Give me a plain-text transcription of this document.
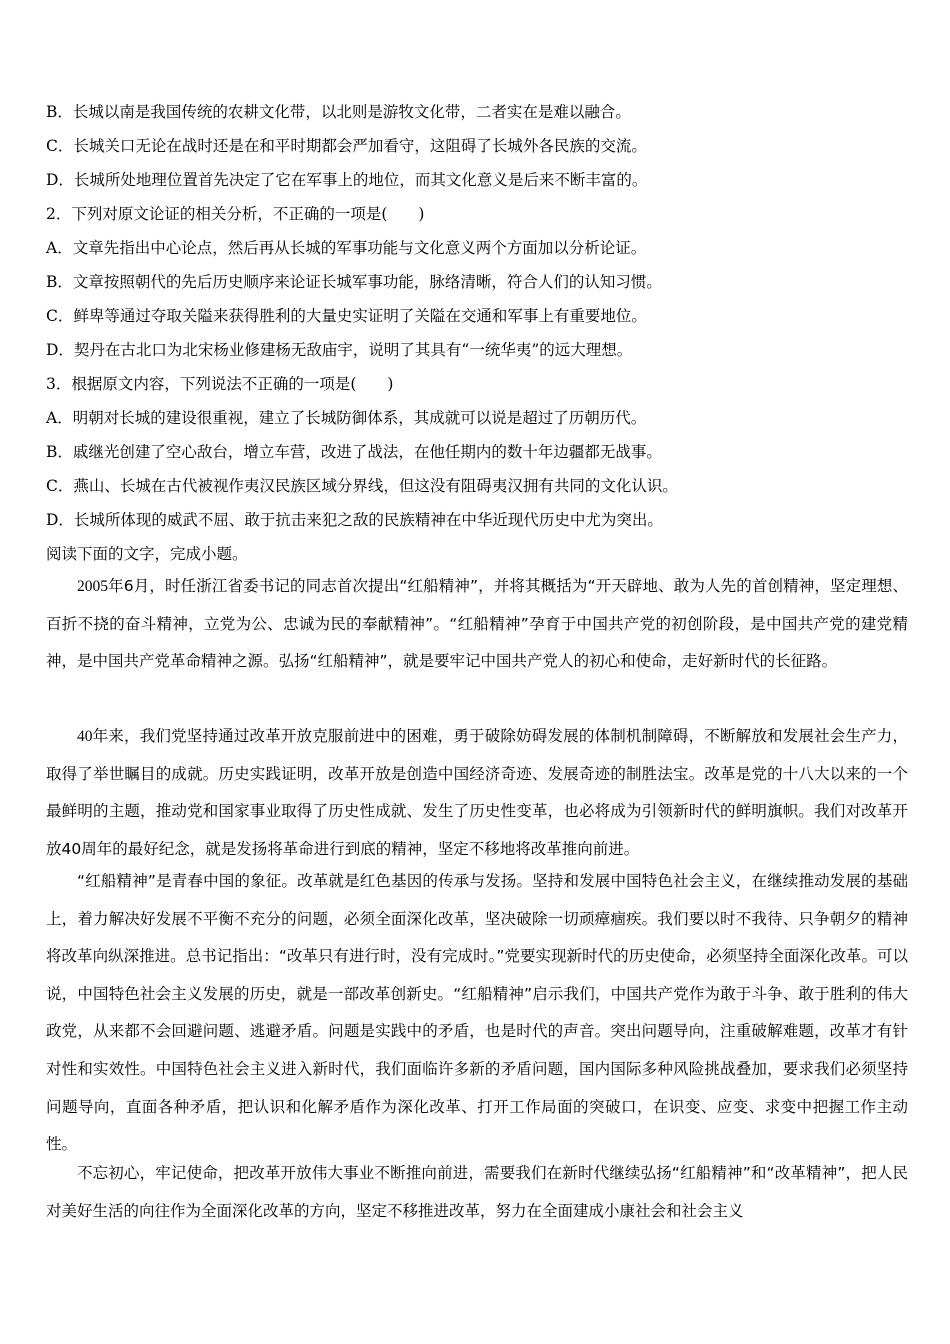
B．长城以南是我国传统的农耕文化带，以北则是游牧文化带，二者实在是难以融合。
C．长城关口无论在战时还是在和平时期都会严加看守，这阻碍了长城外各民族的交流。
D．长城所处地理位置首先决定了它在军事上的地位，而其文化意义是后来不断丰富的。
2．下列对原文论证的相关分析，不正确的一项是(　　)
A．文章先指出中心论点，然后再从长城的军事功能与文化意义两个方面加以分析论证。
B．文章按照朝代的先后历史顺序来论证长城军事功能，脉络清晰，符合人们的认知习惯。
C．鲜卑等通过夺取关隘来获得胜利的大量史实证明了关隘在交通和军事上有重要地位。
D．契丹在古北口为北宋杨业修建杨无敌庙宇，说明了其具有“一统华夷”的远大理想。
3．根据原文内容，下列说法不正确的一项是(　　)
A．明朝对长城的建设很重视，建立了长城防御体系，其成就可以说是超过了历朝历代。
B．戚继光创建了空心敌台，增立车营，改进了战法，在他任期内的数十年边疆都无战事。
C．燕山、长城在古代被视作夷汉民族区域分界线，但这没有阻碍夷汉拥有共同的文化认识。
D．长城所体现的威武不屈、敢于抗击来犯之敌的民族精神在中华近现代历史中尤为突出。
阅读下面的文字，完成小题。
2005年6月，时任浙江省委书记的同志首次提出“红船精神”，并将其概括为“开天辟地、敢为人先的首创精神，坚定理想、百折不挠的奋斗精神，立党为公、忠诚为民的奉献精神”。“红船精神”孕育于中国共产党的初创阶段，是中国共产党的建党精神，是中国共产党革命精神之源。弘扬“红船精神”，就是要牢记中国共产党人的初心和使命，走好新时代的长征路。
40年来，我们党坚持通过改革开放克服前进中的困难，勇于破除妨碍发展的体制机制障碍，不断解放和发展社会生产力，取得了举世瞩目的成就。历史实践证明，改革开放是创造中国经济奇迹、发展奇迹的制胜法宝。改革是党的十八大以来的一个最鲜明的主题，推动党和国家事业取得了历史性成就、发生了历史性变革，也必将成为引领新时代的鲜明旗帜。我们对改革开放40周年的最好纪念，就是发扬将革命进行到底的精神，坚定不移地将改革推向前进。
“红船精神”是青春中国的象征。改革就是红色基因的传承与发扬。坚持和发展中国特色社会主义，在继续推动发展的基础上，着力解决好发展不平衡不充分的问题，必须全面深化改革，坚决破除一切顽瘴痼疾。我们要以时不我待、只争朝夕的精神将改革向纵深推进。总书记指出：“改革只有进行时，没有完成时。”党要实现新时代的历史使命，必须坚持全面深化改革。可以说，中国特色社会主义发展的历史，就是一部改革创新史。“红船精神”启示我们，中国共产党作为敢于斗争、敢于胜利的伟大政党，从来都不会回避问题、逃避矛盾。问题是实践中的矛盾，也是时代的声音。突出问题导向，注重破解难题，改革才有针对性和实效性。中国特色社会主义进入新时代，我们面临许多新的矛盾问题，国内国际多种风险挑战叠加，要求我们必须坚持问题导向，直面各种矛盾，把认识和化解矛盾作为深化改革、打开工作局面的突破口，在识变、应变、求变中把握工作主动性。
不忘初心，牢记使命，把改革开放伟大事业不断推向前进，需要我们在新时代继续弘扬“红船精神”和“改革精神”，把人民对美好生活的向往作为全面深化改革的方向，坚定不移推进改革，努力在全面建成小康社会和社会主义
